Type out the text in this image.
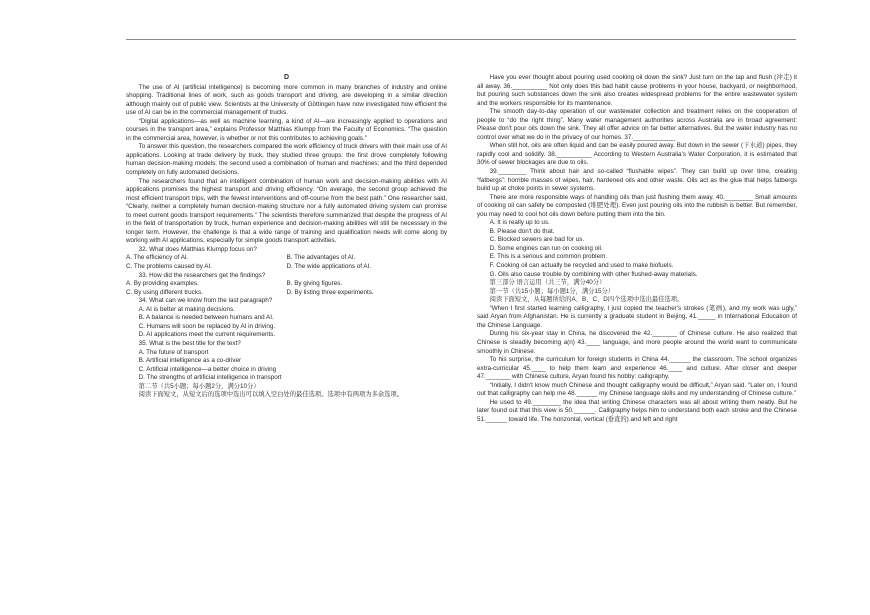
D

The use of AI (artificial intelligence) is becoming more common in many branches of industry and online shopping. Traditional lines of work, such as goods transport and driving, are developing in a similar direction although mainly out of public view. Scientists at the University of Göttingen have now investigated how efficient the use of AI can be in the commercial management of trucks.

“Digital applications—as well as machine learning, a kind of AI—are increasingly applied to operations and courses in the transport area,” explains Professor Matthias Klumpp from the Faculty of Economics. “The question in the commercial area, however, is whether or not this contributes to achieving goals.”

To answer this question, the researchers compared the work efficiency of truck drivers with their main use of AI applications. Looking at trade delivery by truck, they studied three groups: the first drove completely following human decision-making models; the second used a combination of human and machines; and the third depended completely on fully automated decisions.

The researchers found that an intelligent combination of human work and decision-making abilities with AI applications promises the highest transport and driving efficiency. “On average, the second group achieved the most efficient transport trips, with the fewest interventions and off-course from the best path.” One researcher said, “Clearly, neither a completely human decision-making structure nor a fully automated driving system can promise to meet current goods transport requirements.” The scientists therefore summarized that despite the progress of AI in the field of transportation by truck, human experience and decision-making abilities will still be necessary in the longer term. However, the challenge is that a wide range of training and qualification needs will come along by working with AI applications, especially for simple goods transport activities.

32. What does Matthias Klumpp focus on?

A. The efficiency of AI.	B. The advantages of AI.
C. The problems caused by AI.	D. The wide applications of AI.

33. How did the researchers get the findings?

A. By providing examples.	B. By giving figures.
C. By using different trucks.	D. By listing three experiments.

34. What can we know from the last paragraph?

A. AI is better at making decisions.

B. A balance is needed between humans and AI.

C. Humans will soon be replaced by AI in driving.

D. AI applications meet the current requirements.

35. What is the best title for the text?

A. The future of transport

B. Artificial intelligence as a co-driver

C. Artificial intelligence—a better choice in driving

D. The strengths of artificial intelligence in transport

第二节（共5小题；每小题2分，满分10分）

阅读下面短文，从短文后的选项中选出可以填入空白处的最佳选项。选项中有两项为多余选项。

Have you ever thought about pouring used cooking oil down the sink? Just turn on the tap and flush (冲走) it all away. 36.__________ Not only does this bad habit cause problems in your house, backyard, or neighborhood, but pouring such substances down the sink also creates widespread problems for the entire wastewater system and the workers responsible for its maintenance.

The smooth day-to-day operation of our wastewater collection and treatment relies on the cooperation of people to “do the right thing”. Many water management authorities across Australia are in broad agreement: Please don't pour oils down the sink. They all offer advice on far better alternatives. But the water industry has no control over what we do in the privacy of our homes. 37.____________

When still hot, oils are often liquid and can be easily poured away. But down in the sewer (下水道) pipes, they rapidly cool and solidify. 38.__________ According to Western Australia's Water Corporation, it is estimated that 30% of sewer blockages are due to oils.

39.________ Think about hair and so-called “flushable wipes”. They can build up over time, creating “fatbergs”: horrible masses of wipes, hair, hardened oils and other waste. Oils act as the glue that helps fatbergs build up at choke points in sewer systems.

There are more responsible ways of handling oils than just flushing them away. 40.________ Small amounts of cooking oil can safely be composted (堆肥处理). Even just pouring oils into the rubbish is better. But remember, you may need to cool hot oils down before putting them into the bin.

A. It is really up to us.

B. Please don't do that.

C. Blocked sewers are bad for us.

D. Some engines can run on cooking oil.

E. This is a serious and common problem.

F. Cooking oil can actually be recycled and used to make biofuels.

G. Oils also cause trouble by combining with other flushed-away materials.

第三部分 语言运用（共三节，满分40分）

第一节（共15小题；每小题1分，满分15分）

阅读下面短文，从每题所给的A、B、C、D四个选项中选出最佳选项。

“When I first started learning calligraphy, I just copied the teacher's strokes (笔画), and my work was ugly,” said Aryan from Afghanistan. He is currently a graduate student in Beijing, 41._____ in International Education of the Chinese Language.

During his six-year stay in China, he discovered the 42._______ of Chinese culture. He also realized that Chinese is steadily becoming a(n) 43.____ language, and more people around the world want to communicate smoothly in Chinese.

To his surprise, the curriculum for foreign students in China 44.______ the classroom. The school organizes extra-curricular 45.____ to help them learn and experience 46.____ and culture. After closer and deeper 47._______ with Chinese culture, Aryan found his hobby: calligraphy.

“Initially, I didn't know much Chinese and thought calligraphy would be difficult,” Aryan said. “Later on, I found out that calligraphy can help me 48.______ my Chinese language skills and my understanding of Chinese culture.”

He used to 49.________ the idea that writing Chinese characters was all about writing them neatly. But he later found out that this view is 50.______. Calligraphy helps him to understand both each stroke and the Chinese 51.______ toward life. The horizontal, vertical (垂直的) and left and right
